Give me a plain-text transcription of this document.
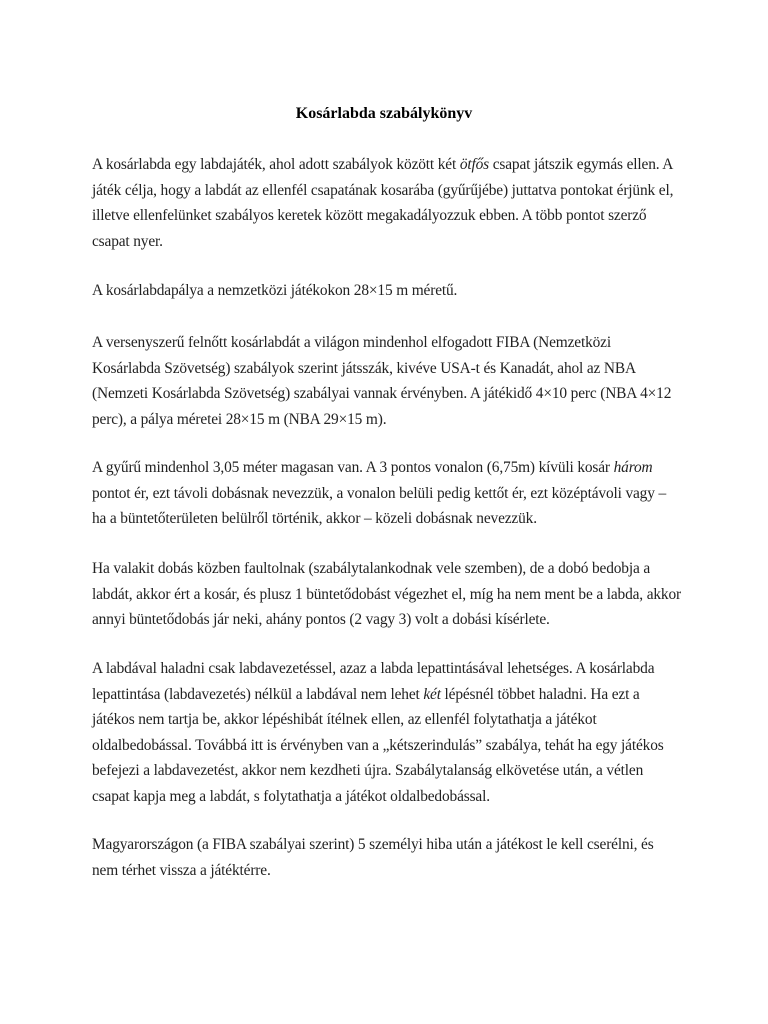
Kosárlabda szabálykönyv

A kosárlabda egy labdajáték, ahol adott szabályok között két ötfős csapat játszik egymás ellen. A játék célja, hogy a labdát az ellenfél csapatának kosarába (gyűrűjébe) juttatva pontokat érjünk el, illetve ellenfelünket szabályos keretek között megakadályozzuk ebben. A több pontot szerző csapat nyer.

A kosárlabdapálya a nemzetközi játékokon 28×15 m méretű.

A versenyszerű felnőtt kosárlabdát a világon mindenhol elfogadott FIBA (Nemzetközi Kosárlabda Szövetség) szabályok szerint játsszák, kivéve USA-t és Kanadát, ahol az NBA (Nemzeti Kosárlabda Szövetség) szabályai vannak érvényben. A játékidő 4×10 perc (NBA 4×12 perc), a pálya méretei 28×15 m (NBA 29×15 m).

A gyűrű mindenhol 3,05 méter magasan van. A 3 pontos vonalon (6,75m) kívüli kosár három pontot ér, ezt távoli dobásnak nevezzük, a vonalon belüli pedig kettőt ér, ezt középtávoli vagy – ha a büntetőterületen belülről történik, akkor – közeli dobásnak nevezzük.

Ha valakit dobás közben faultolnak (szabálytalankodnak vele szemben), de a dobó bedobja a labdát, akkor ért a kosár, és plusz 1 büntetődobást végezhet el, míg ha nem ment be a labda, akkor annyi büntetődobás jár neki, ahány pontos (2 vagy 3) volt a dobási kísérlete.

A labdával haladni csak labdavezetéssel, azaz a labda lepattintásával lehetséges. A kosárlabda lepattintása (labdavezetés) nélkül a labdával nem lehet két lépésnél többet haladni. Ha ezt a játékos nem tartja be, akkor lépéshibát ítélnek ellen, az ellenfél folytathatja a játékot oldalbedobással. Továbbá itt is érvényben van a „kétszerindulás” szabálya, tehát ha egy játékos befejezi a labdavezetést, akkor nem kezdheti újra. Szabálytalanság elkövetése után, a vétlen csapat kapja meg a labdát, s folytathatja a játékot oldalbedobással.

Magyarországon (a FIBA szabályai szerint) 5 személyi hiba után a játékost le kell cserélni, és nem térhet vissza a játéktérre.
